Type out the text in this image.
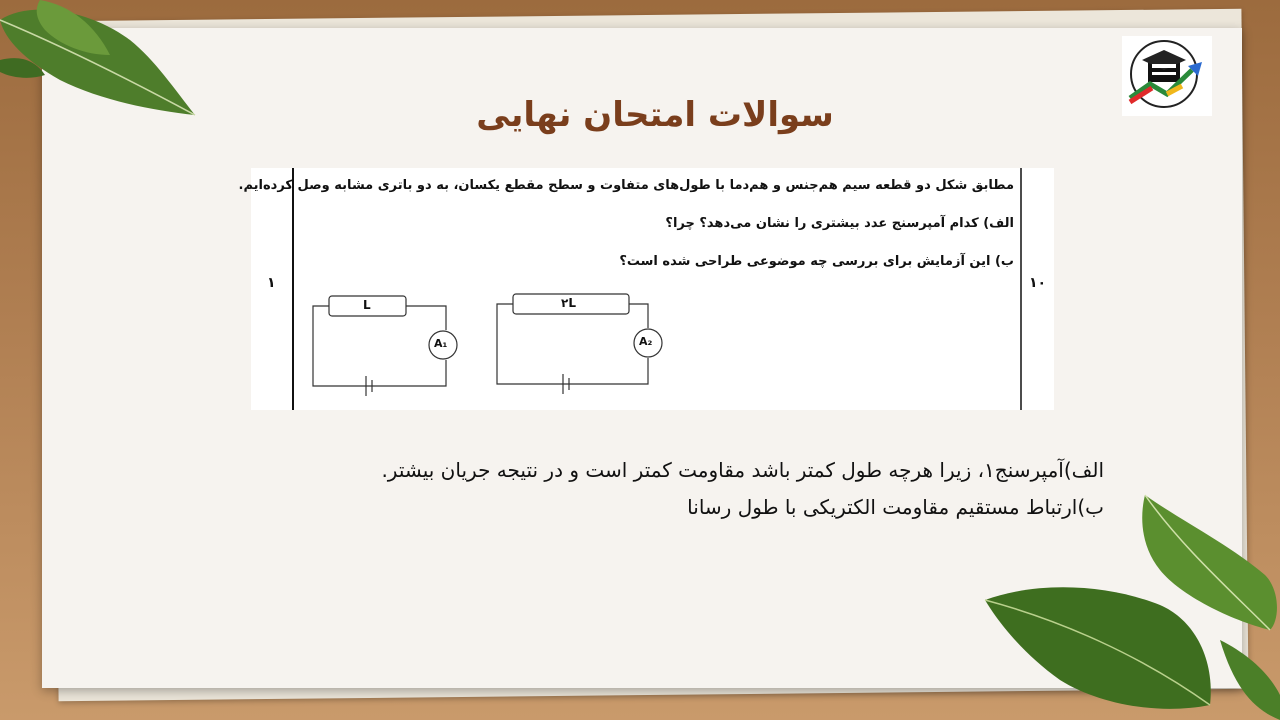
سوالات امتحان نهایی
مطابق شکل دو قطعه سیم هم‌جنس و هم‌دما با طول‌های متفاوت و سطح مقطع یکسان، به دو باتری مشابه وصل کرده‌ایم.
الف) کدام آمپرسنج عدد بیشتری را نشان می‌دهد؟ چرا؟
ب) این آزمایش برای بررسی چه موضوعی طراحی شده است؟
۱۰
۱
L
A₁
۲L
A₂
الف)آمپرسنج۱، زیرا هرچه طول کمتر باشد مقاومت کمتر است و در نتیجه جریان بیشتر.
ب)ارتباط مستقیم مقاومت الکتریکی با طول رسانا
